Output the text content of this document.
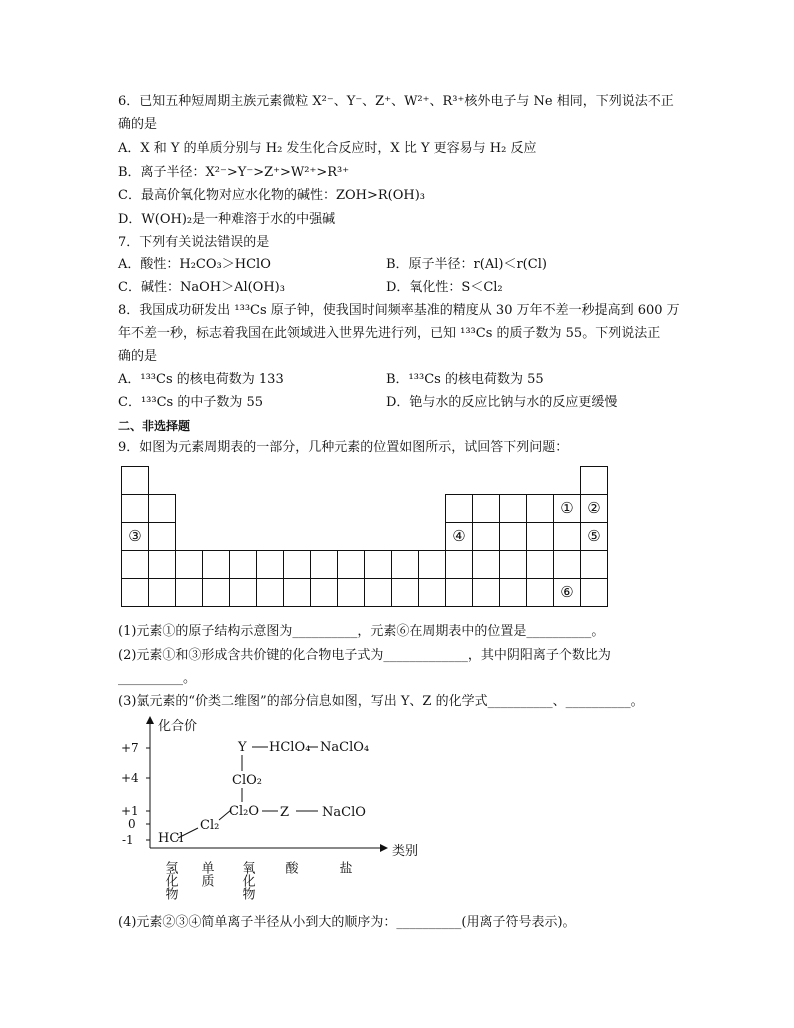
6．已知五种短周期主族元素微粒 X²⁻、Y⁻、Z⁺、W²⁺、R³⁺核外电子与 Ne 相同，下列说法不正
确的是
A．X 和 Y 的单质分别与 H₂ 发生化合反应时，X 比 Y 更容易与 H₂ 反应
B．离子半径：X²⁻>Y⁻>Z⁺>W²⁺>R³⁺
C．最高价氧化物对应水化物的碱性：ZOH>R(OH)₃
D．W(OH)₂是一种难溶于水的中强碱
7．下列有关说法错误的是
A．酸性：H₂CO₃＞HClO	B．原子半径：r(Al)＜r(Cl)
C．碱性：NaOH＞Al(OH)₃	D．氧化性：S＜Cl₂
8．我国成功研发出 ¹³³Cs 原子钟，使我国时间频率基准的精度从 30 万年不差一秒提高到 600 万
年不差一秒，标志着我国在此领域进入世界先进行列，已知 ¹³³Cs 的质子数为 55。下列说法正
确的是
A．¹³³Cs 的核电荷数为 133	B．¹³³Cs 的核电荷数为 55
C．¹³³Cs 的中子数为 55	D．铯与水的反应比钠与水的反应更缓慢
二、非选择题
9．如图为元素周期表的一部分，几种元素的位置如图所示，试回答下列问题：

																①	②
③												④					⑤

																⑥	
(1)元素①的原子结构示意图为__________，元素⑥在周期表中的位置是__________。
(2)元素①和③形成含共价键的化合物电子式为_____________，其中阴阳离子个数比为
__________。
(3)氯元素的“价类二维图”的部分信息如图，写出 Y、Z 的化学式__________、__________。
化合价
类别
+7
+4
+1
0
-1
Y HClO₄ NaClO₄
ClO₂
Cl₂O Z	NaClO
Cl₂
HCl
氢化物 单质 氧化物 酸	盐
(4)元素②③④简单离子半径从小到大的顺序为：__________(用离子符号表示)。
